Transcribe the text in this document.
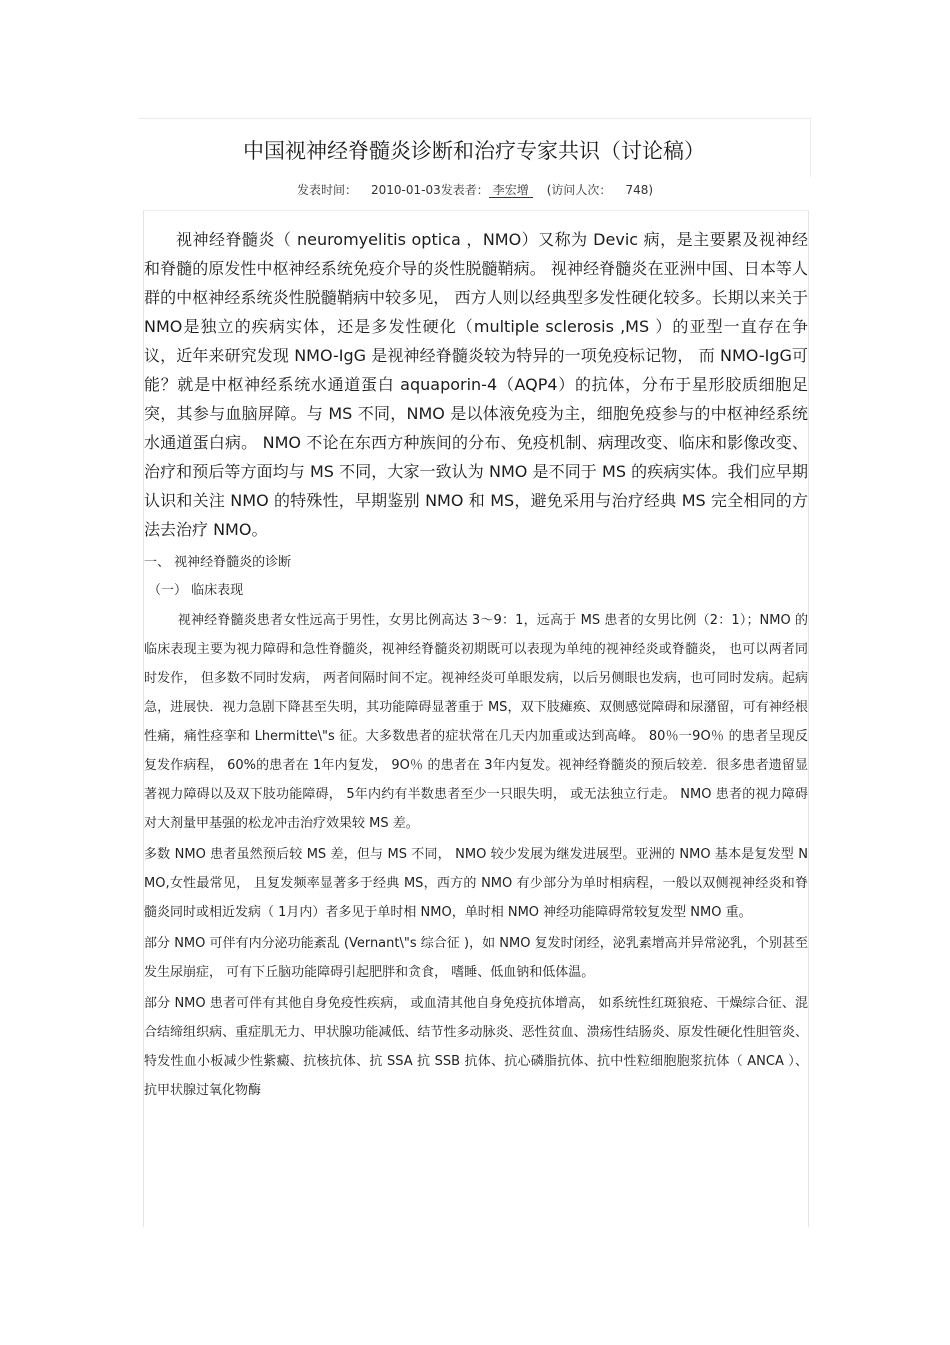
中国视神经脊髓炎诊断和治疗专家共识（讨论稿）
发表时间： 2010-01-03发表者： 李宏增 (访问人次： 748)

视神经脊髓炎（ neuromyelitis optica ，NMO）又称为 Devic 病，是主要累及视神经和脊髓的原发性中枢神经系统免疫介导的炎性脱髓鞘病。 视神经脊髓炎在亚洲中国、日本等人群的中枢神经系统炎性脱髓鞘病中较多见， 西方人则以经典型多发性硬化较多。长期以来关于 NMO是独立的疾病实体，还是多发性硬化（multiple sclerosis ,MS ）的亚型一直存在争议，近年来研究发现 NMO-IgG 是视神经脊髓炎较为特异的一项免疫标记物， 而 NMO-IgG可能？就是中枢神经系统水通道蛋白 aquaporin-4（AQP4）的抗体，分布于星形胶质细胞足突，其参与血脑屏障。与 MS 不同，NMO 是以体液免疫为主，细胞免疫参与的中枢神经系统水通道蛋白病。 NMO 不论在东西方种族间的分布、免疫机制、病理改变、临床和影像改变、治疗和预后等方面均与 MS 不同，大家一致认为 NMO 是不同于 MS 的疾病实体。我们应早期认识和关注 NMO 的特殊性，早期鉴别 NMO 和 MS，避免采用与治疗经典 MS 完全相同的方法去治疗 NMO。

一、 视神经脊髓炎的诊断
（一） 临床表现

视神经脊髓炎患者女性远高于男性，女男比例高达 3～9：1，远高于 MS 患者的女男比例（2：1）；NMO 的临床表现主要为视力障碍和急性脊髓炎，视神经脊髓炎初期既可以表现为单纯的视神经炎或脊髓炎， 也可以两者同时发作， 但多数不同时发病， 两者间隔时间不定。视神经炎可单眼发病，以后另侧眼也发病，也可同时发病。起病急，进展快．视力急剧下降甚至失明，其功能障碍显著重于 MS，双下肢瘫痪、双侧感觉障碍和尿潴留，可有神经根性痛，痛性痉挛和 Lhermitte\"s 征。大多数患者的症状常在几天内加重或达到高峰。 80％一9O％ 的患者呈现反复发作病程， 60%的患者在 1年内复发， 9O％ 的患者在 3年内复发。视神经脊髓炎的预后较差．很多患者遗留显著视力障碍以及双下肢功能障碍， 5年内约有半数患者至少一只眼失明， 或无法独立行走。 NMO 患者的视力障碍对大剂量甲基强的松龙冲击治疗效果较 MS 差。

多数 NMO 患者虽然预后较 MS 差，但与 MS 不同， NMO 较少发展为继发进展型。亚洲的 NMO 基本是复发型 NMO,女性最常见， 且复发频率显著多于经典 MS，西方的 NMO 有少部分为单时相病程，一般以双侧视神经炎和脊髓炎同时或相近发病（ 1月内）者多见于单时相 NMO，单时相 NMO 神经功能障碍常较复发型 NMO 重。

部分 NMO 可伴有内分泌功能紊乱 (Vernant\"s 综合征 )，如 NMO 复发时闭经，泌乳素增高并异常泌乳，个别甚至发生尿崩症， 可有下丘脑功能障碍引起肥胖和贪食， 嗜睡、低血钠和低体温。

部分 NMO 患者可伴有其他自身免疫性疾病， 或血清其他自身免疫抗体增高， 如系统性红斑狼疮、干燥综合征、混合结缔组织病、重症肌无力、甲状腺功能减低、结节性多动脉炎、恶性贫血、溃疡性结肠炎、原发性硬化性胆管炎、特发性血小板减少性紫癜、抗核抗体、抗 SSA 抗 SSB 抗体、抗心磷脂抗体、抗中性粒细胞胞浆抗体（ ANCA ）、抗甲状腺过氧化物酶
